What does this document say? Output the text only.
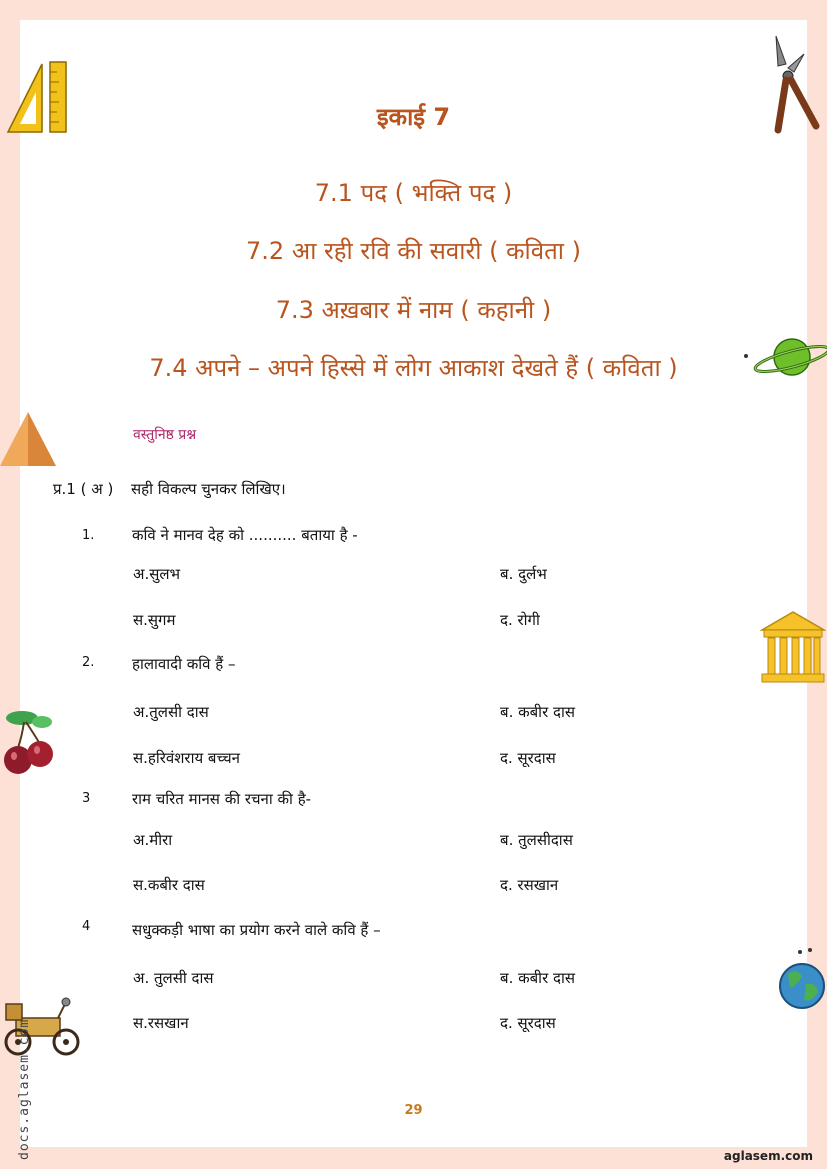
इकाई 7
7.1 पद ( भक्ति पद )
7.2 आ रही रवि की सवारी ( कविता )
7.3 अख़बार में नाम ( कहानी )
7.4 अपने – अपने हिस्से में लोग आकाश देखते हैं ( कविता )
वस्तुनिष्ठ प्रश्न
प्र.1 ( अ ) सही विकल्प चुनकर लिखिए।
1.	कवि ने मानव देह को .......... बताया है -
अ.सुलभ	ब. दुर्लभ
स.सुगम	द. रोगी
2.	हालावादी कवि हैं –
अ.तुलसी दास	ब. कबीर दास
स.हरिवंशराय बच्चन	द. सूरदास
3	राम चरित मानस की रचना की है-
अ.मीरा	ब. तुलसीदास
स.कबीर दास	द. रसखान
4	सधुक्कड़ी भाषा का प्रयोग करने वाले कवि हैं –
अ. तुलसी दास	ब. कबीर दास
स.रसखान	द. सूरदास
29
docs.aglasem.com	aglasem.com
